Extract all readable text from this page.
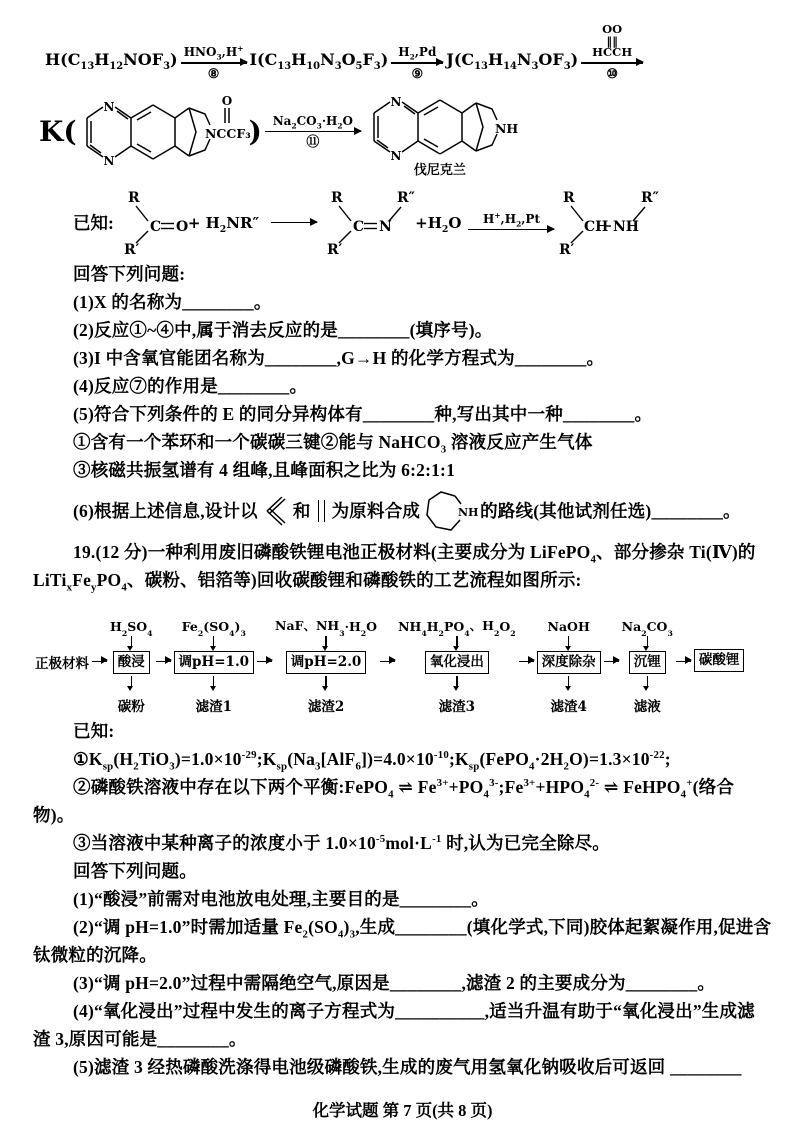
$H(C_{13}H_{12}NOF_3)$ $HNO_3,H^+$
⑧
$I(C_{13}H_{10}N_3O_5F_3)$ $H_2,Pd$
⑨
$J(C_{13}H_{14}N_3OF_3)$
OO
‖‖
HCCH
⑩
K(
N
N
NCCF₃
O
) $Na_2CO_3\cdot H_2O$
⑪
N
N
NH
伐尼克兰
已知:
R
R′
C $O + H_2NR''$
R
R′
C N
R″
$+H_2O$ $H^+,H_2,Pt$
R
R′
CH NH
R″

回答下列问题:

(1)X 的名称为________。

(2)反应①~④中,属于消去反应的是________(填序号)。

(3)I 中含氧官能团名称为________,G→H 的化学方程式为________。

(4)反应⑦的作用是________。

(5)符合下列条件的 E 的同分异构体有________种,写出其中一种________。

①含有一个苯环和一个碳碳三键②能与 NaHCO$_3$ 溶液反应产生气体

③核磁共振氢谱有 4 组峰,且峰面积之比为 6:2:1:1

(6)根据上述信息,设计以 和 为原料合成	NH 的路线(其他试剂任选)________。

19.(12 分)一种利用废旧磷酸铁锂电池正极材料(主要成分为 LiFePO$_4$、部分掺杂 Ti(Ⅳ)的 $LiTi_xFe_yPO_4$、碳粉、铝箔等)回收碳酸锂和磷酸铁的工艺流程如图所示:

正极材料
H 2 SO 4
酸浸
碳粉
Fe 2 (SO 4 ) 3
调pH=1.0
滤渣1
NaF、NH
3 ·H 2 O
调pH=2.0
滤渣2
NH 4 H 2 PO 4
、H
2 O 2
氧化浸出
滤渣3
NaOH
深度除杂
滤渣4
Na 2 CO 3
沉锂
滤液
碳酸锂

已知:

$①K_{sp}(H_2TiO_3)=1.0\times 10^{-29};K_{sp}(Na_3[AlF_6])=4.0\times 10^{-10};K_{sp}(FePO_4\cdot 2H_2O)=1.3\times 10^{-22}$;

②磷酸铁溶液中存在以下两个平衡:FePO$_4$ ⇌ $Fe^{3+}+PO_4^{3-};Fe^{3+}+HPO_4^{2-}$ ⇌ FeHPO$_4$+(络合物)。

③当溶液中某种离子的浓度小于 $1.0\times 10^{-5}mol\cdot L^{-1}$ 时,认为已完全除尽。

回答下列问题。

(1)“酸浸”前需对电池放电处理,主要目的是________。

(2)“调 pH=1.0”时需加适量 $Fe_2(SO_4)_3$,生成________(填化学式,下同)胶体起絮凝作用,促进含钛微粒的沉降。

(3)“调 pH=2.0”过程中需隔绝空气,原因是________,滤渣 2 的主要成分为________。

(4)“氧化浸出”过程中发生的离子方程式为__________,适当升温有助于“氧化浸出”生成滤渣 3,原因可能是________。

(5)滤渣 3 经热磷酸洗涤得电池级磷酸铁,生成的废气用氢氧化钠吸收后可返回 ________

化学试题 第 7 页(共 8 页)
